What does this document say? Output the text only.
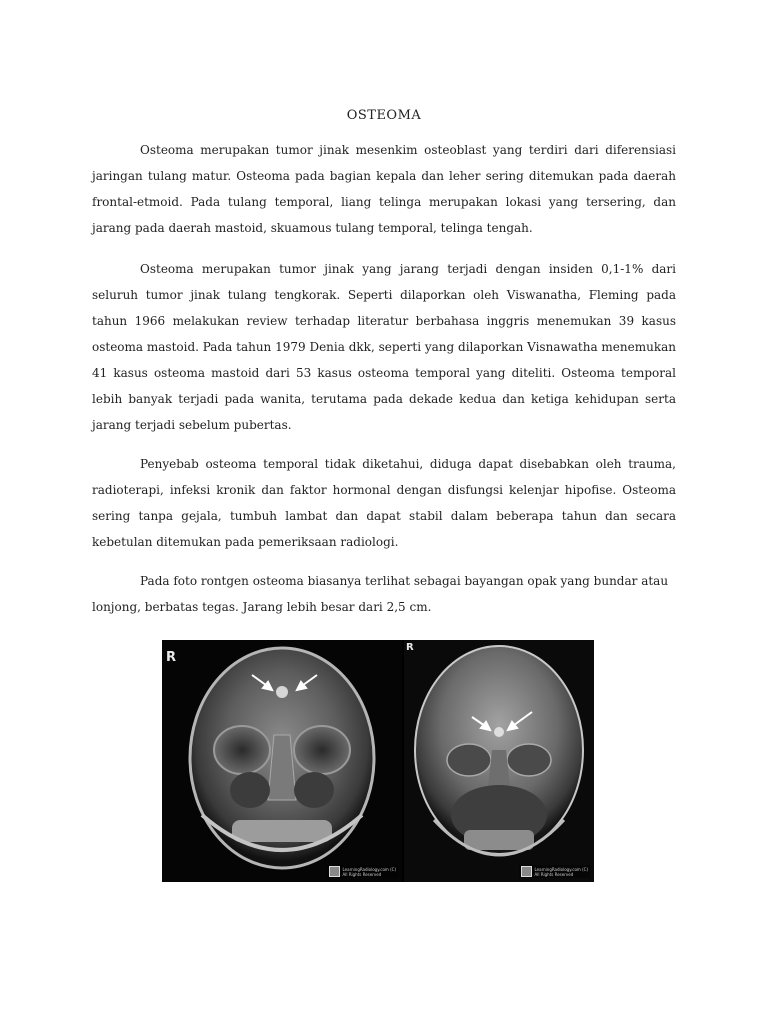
OSTEOMA

Osteoma merupakan tumor jinak mesenkim osteoblast yang terdiri dari diferensiasi jaringan tulang matur. Osteoma pada bagian kepala dan leher sering ditemukan pada daerah frontal-etmoid. Pada tulang temporal, liang telinga merupakan lokasi yang tersering, dan jarang pada daerah mastoid, skuamous tulang temporal, telinga tengah.

Osteoma merupakan tumor jinak yang jarang terjadi dengan insiden 0,1-1% dari seluruh tumor jinak tulang tengkorak. Seperti dilaporkan oleh Viswanatha, Fleming pada tahun 1966 melakukan review terhadap literatur berbahasa inggris menemukan 39 kasus osteoma mastoid. Pada tahun 1979 Denia dkk, seperti yang dilaporkan Visnawatha menemukan 41 kasus osteoma mastoid dari 53 kasus osteoma temporal yang diteliti. Osteoma temporal lebih banyak terjadi pada wanita, terutama pada dekade kedua dan ketiga kehidupan serta jarang terjadi sebelum pubertas.

Penyebab osteoma temporal tidak diketahui, diduga dapat disebabkan oleh trauma, radioterapi, infeksi kronik dan faktor hormonal dengan disfungsi kelenjar hipofise. Osteoma sering tanpa gejala, tumbuh lambat dan dapat stabil dalam beberapa tahun dan secara kebetulan ditemukan pada pemeriksaan radiologi.

Pada foto rontgen osteoma biasanya terlihat sebagai bayangan opak yang bundar atau lonjong, berbatas tegas. Jarang lebih besar dari 2,5 cm.

R
LearningRadiology.com (C)
All Rights Reserved
R
LearningRadiology.com (C)
All Rights Reserved
